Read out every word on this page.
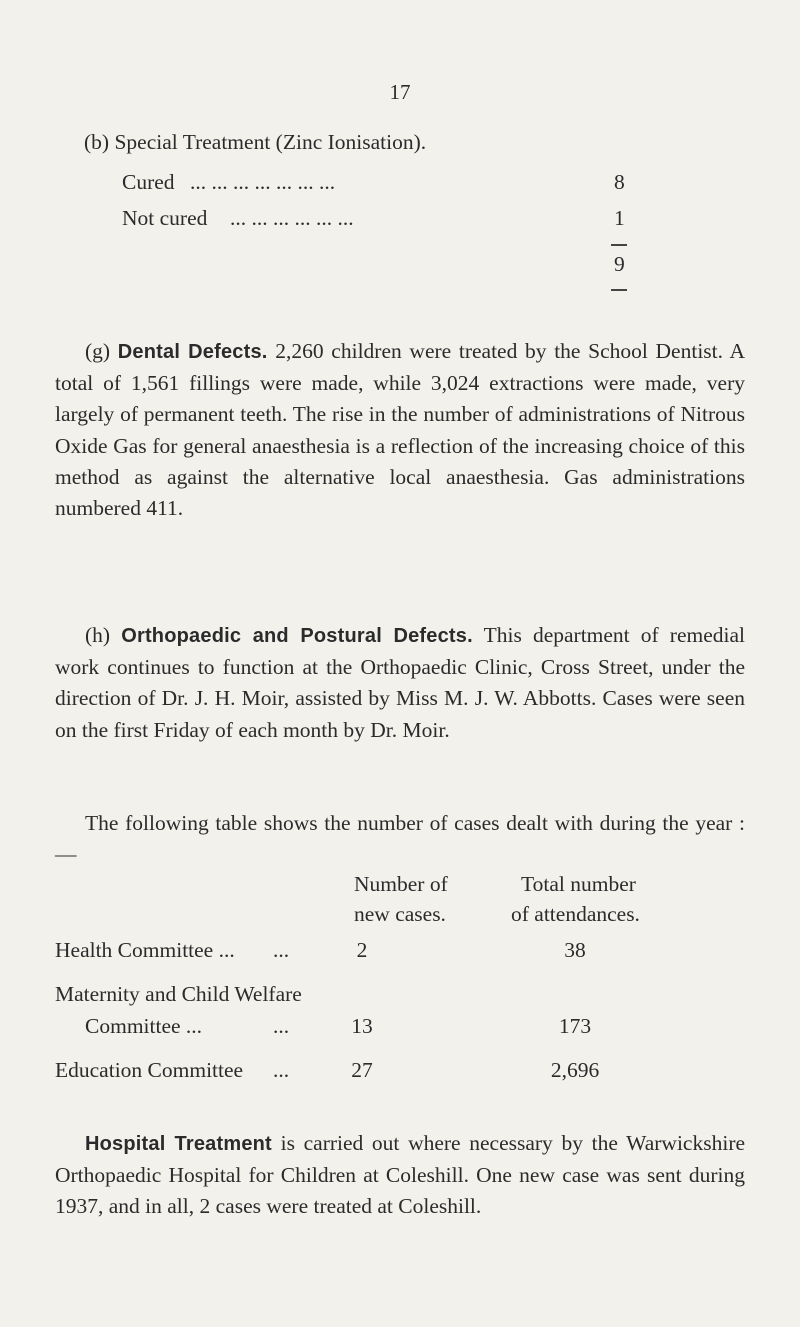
17
(b) Special Treatment (Zinc Ionisation).
Cured ... ... ... ... ... ... ...	8
Not cured ... ... ... ... ... ...	1
9

(g) Dental Defects. 2,260 children were treated by the School Dentist. A total of 1,561 fillings were made, while 3,024 extractions were made, very largely of permanent teeth. The rise in the number of administrations of Nitrous Oxide Gas for general anaesthesia is a reflection of the increasing choice of this method as against the alternative local anaesthesia. Gas administrations numbered 411.

(h) Orthopaedic and Postural Defects. This department of remedial work continues to function at the Orthopaedic Clinic, Cross Street, under the direction of Dr. J. H. Moir, assisted by Miss M. J. W. Abbotts. Cases were seen on the first Friday of each month by Dr. Moir.

The following table shows the number of cases dealt with during the year :—

Number of	Total number
new cases.	of attendances.
Health Committee ... ...	2	38
Maternity and Child Welfare
Committee ...	...	13	173
Education Committee ...	27	2,696

Hospital Treatment is carried out where necessary by the Warwickshire Orthopaedic Hospital for Children at Coleshill. One new case was sent during 1937, and in all, 2 cases were treated at Coleshill.
